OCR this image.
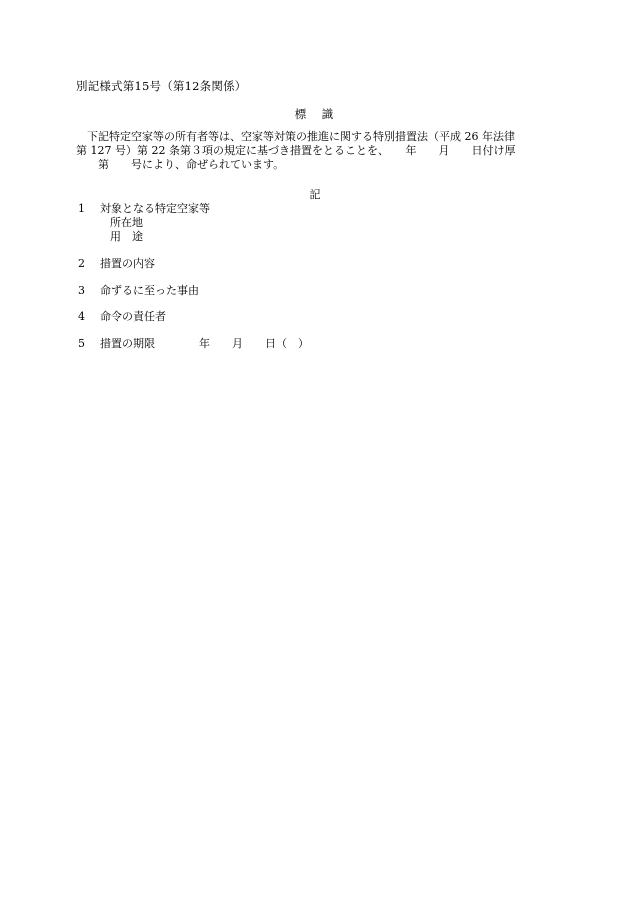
別記様式第15号（第12条関係）
標　識
下記特定空家等の所有者等は、空家等対策の推進に関する特別措置法（平成 26 年法律
第 127 号）第 22 条第３項の規定に基づき措置をとることを、　　年　　月　　日付け厚
　　第　　号により、命ぜられています。
記
1 対象となる特定空家等
所在地
用　途
2 措置の内容
3 命ずるに至った事由
4 命令の責任者
5 措置の期限　　　　年　　月　　日（　）
